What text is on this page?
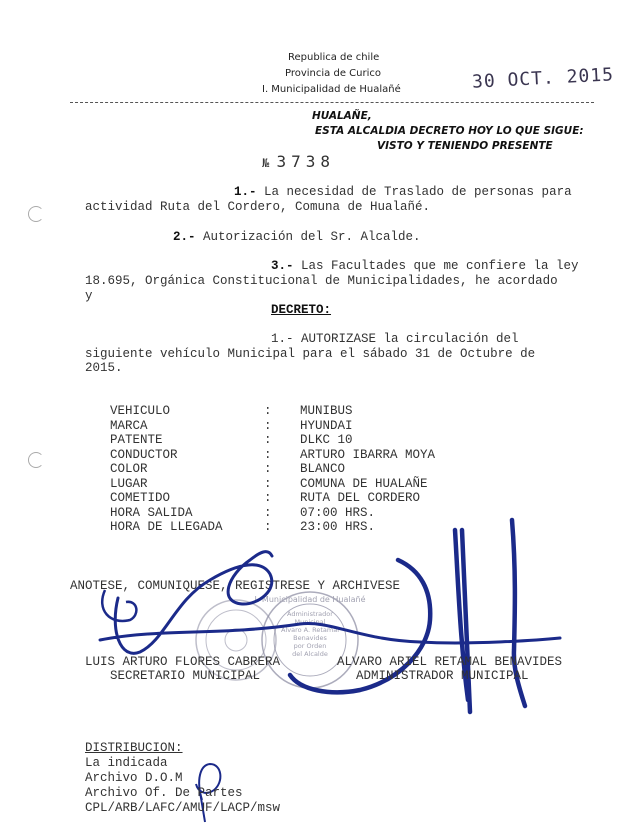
Republica de chile
Provincia de Curico
I. Municipalidad de Hualañé	30 OCT. 2015
HUALAÑE,
ESTA ALCALDIA DECRETO HOY LO QUE SIGUE:
VISTO Y TENIENDO PRESENTE
№ 3738
1.- La necesidad de Traslado de personas para
actividad Ruta del Cordero, Comuna de Hualañé.
2.- Autorización del Sr. Alcalde.
3.- Las Facultades que me confiere la ley
18.695, Orgánica Constitucional de Municipalidades, he acordado
y
DECRETO:
1.- AUTORIZASE la circulación del
siguiente vehículo Municipal para el sábado 31 de Octubre de
2015.
VEHICULO	:	MUNIBUS
MARCA	:	HYUNDAI
PATENTE	:	DLKC 10
CONDUCTOR	:	ARTURO IBARRA MOYA
COLOR	:	BLANCO
LUGAR	:	COMUNA DE HUALAÑE
COMETIDO	:	RUTA DEL CORDERO
HORA SALIDA	:	07:00 HRS.
HORA DE LLEGADA	:	23:00 HRS.
ANOTESE, COMUNIQUESE, REGISTRESE Y ARCHIVESE
I. Municipalidad de Hualañé
Administrador
Municipal
Alvaro A. Retamal
Benavides
por Orden
del Alcalde
LUIS ARTURO FLORES CABRERA
SECRETARIO MUNICIPAL
ALVARO ARIEL RETAMAL BENAVIDES
ADMINISTRADOR MUNICIPAL
DISTRIBUCION:
La indicada
Archivo D.O.M
Archivo Of. De Partes
CPL/ARB/LAFC/AMUF/LACP/msw
